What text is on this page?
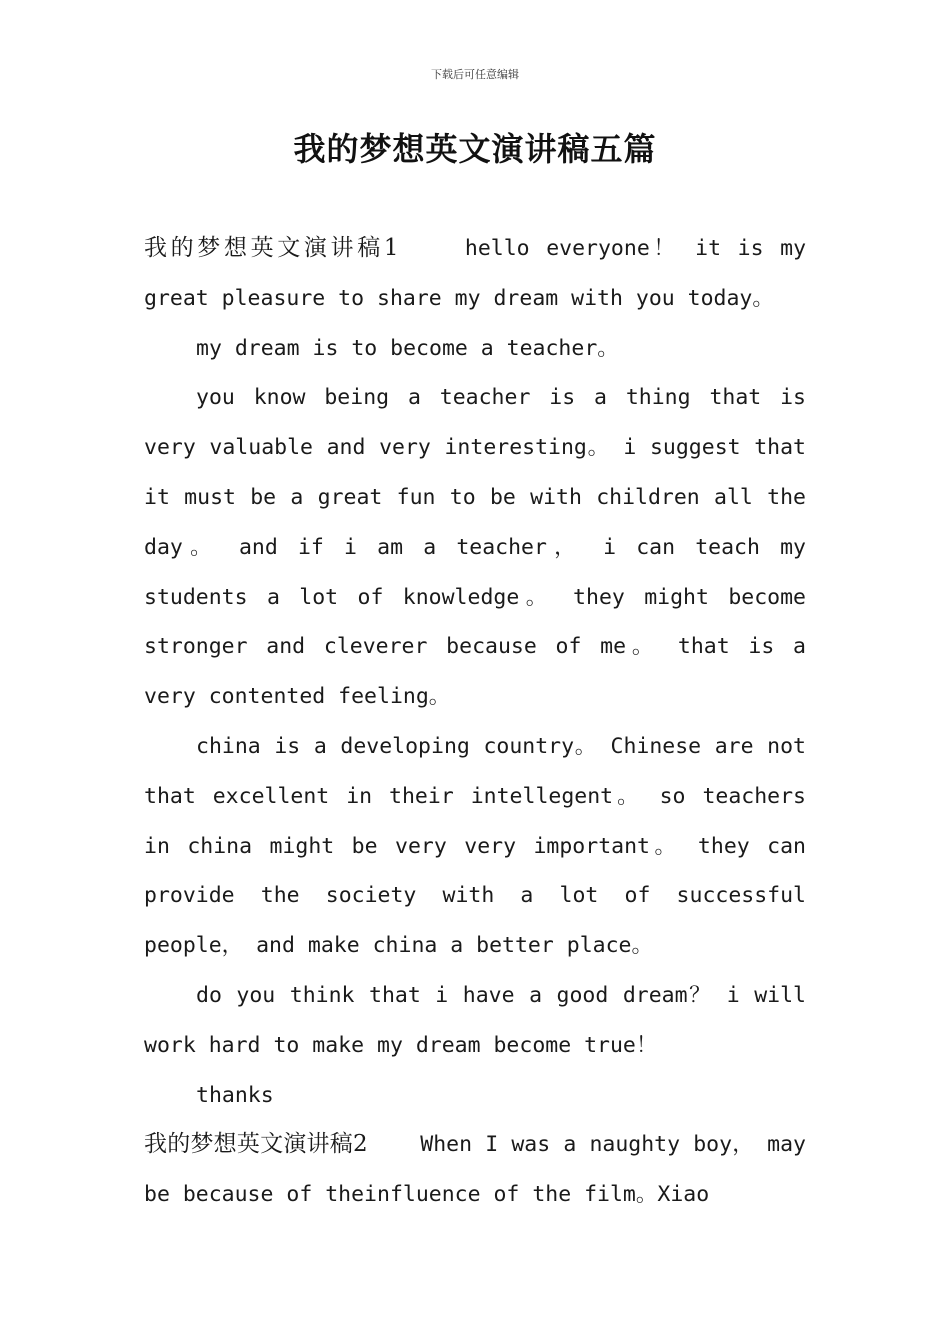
下载后可任意编辑
我的梦想英文演讲稿五篇

我的梦想英文演讲稿1	hello everyone！ it is my great pleasure to share my dream with you today。

my dream is to become a teacher。

you know being a teacher is a thing that is very valuable and very interesting。 i suggest that it must be a great fun to be with children all the day。 and if i am a teacher， i can teach my students a lot of knowledge。 they might become stronger and cleverer because of me。 that is a very contented feeling。

china is a developing country。 Chinese are not that excellent in their intellegent。 so teachers in china might be very very important。 they can provide the society with a lot of successful people， and make china a better place。

do you think that i have a good dream？ i will work hard to make my dream become true！

thanks

我的梦想英文演讲稿2 When I was a naughty boy， may be because of theinfluence of the film。Xiao
